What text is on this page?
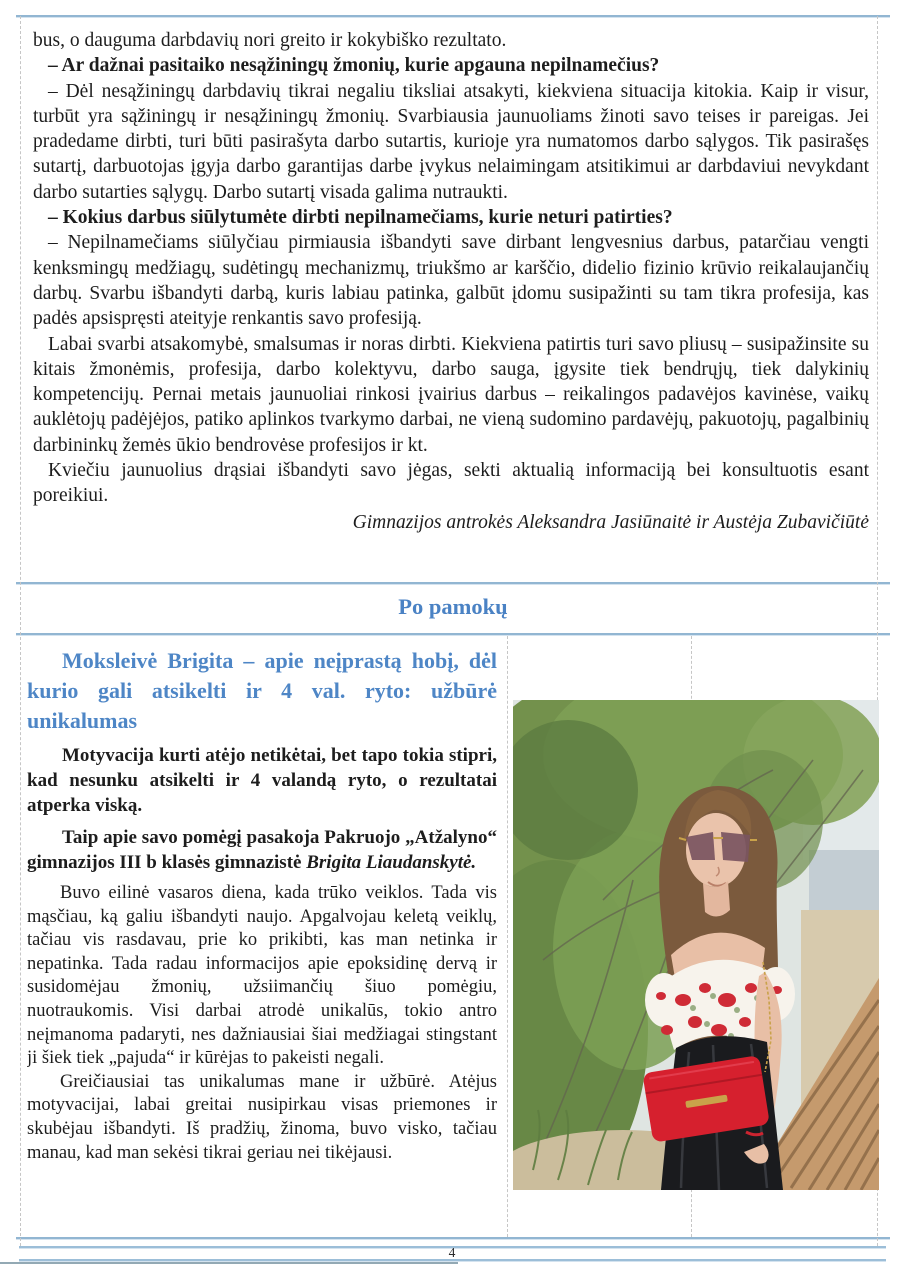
bus, o dauguma darbdavių nori greito ir kokybiško rezultato.

– Ar dažnai pasitaiko nesąžiningų žmonių, kurie apgauna nepilnamečius?

– Dėl nesąžiningų darbdavių tikrai negaliu tiksliai atsakyti, kiekviena situacija kitokia. Kaip ir visur, turbūt yra sąžiningų ir nesąžiningų žmonių. Svarbiausia jaunuoliams žinoti savo teises ir pareigas. Jei pradedame dirbti, turi būti pasirašyta darbo sutartis, kurioje yra numatomos darbo sąlygos. Tik pasirašęs sutartį, darbuotojas įgyja darbo garantijas darbe įvykus nelaimingam atsitikimui ar darbdaviui nevykdant darbo sutarties sąlygų. Darbo sutartį visada galima nutraukti.

– Kokius darbus siūlytumėte dirbti nepilnamečiams, kurie neturi patirties?

– Nepilnamečiams siūlyčiau pirmiausia išbandyti save dirbant lengvesnius darbus, patarčiau vengti kenksmingų medžiagų, sudėtingų mechanizmų, triukšmo ar karščio, didelio fizinio krūvio reikalaujančių darbų. Svarbu išbandyti darbą, kuris labiau patinka, galbūt įdomu susipažinti su tam tikra profesija, kas padės apsispręsti ateityje renkantis savo profesiją.

Labai svarbi atsakomybė, smalsumas ir noras dirbti. Kiekviena patirtis turi savo pliusų – susipažinsite su kitais žmonėmis, profesija, darbo kolektyvu, darbo sauga, įgysite tiek bendrųjų, tiek dalykinių kompetencijų. Pernai metais jaunuoliai rinkosi įvairius darbus – reikalingos padavėjos kavinėse, vaikų auklėtojų padėjėjos, patiko aplinkos tvarkymo darbai, ne vieną sudomino pardavėjų, pakuotojų, pagalbinių darbininkų žemės ūkio bendrovėse profesijos ir kt.

Kviečiu jaunuolius drąsiai išbandyti savo jėgas, sekti aktualią informaciją bei konsultuotis esant poreikiui.

Gimnazijos antrokės Aleksandra Jasiūnaitė ir Austėja Zubavičiūtė
Po pamokų
Moksleivė Brigita – apie neįprastą hobį, dėl kurio gali atsikelti ir 4 val. ryto: užbūrė unikalumas

Motyvacija kurti atėjo netikėtai, bet tapo tokia stipri, kad nesunku atsikelti ir 4 valandą ryto, o rezultatai atperka viską.

Taip apie savo pomėgį pasakoja Pakruojo „Atžalyno“ gimnazijos III b klasės gimnazistė Brigita Liaudanskytė.

Buvo eilinė vasaros diena, kada trūko veiklos. Tada vis mąsčiau, ką galiu išbandyti naujo. Apgalvojau keletą veiklų, tačiau vis rasdavau, prie ko prikibti, kas man netinka ir nepatinka. Tada radau informacijos apie epoksidinę dervą ir susidomėjau žmonių, užsiimančių šiuo pomėgiu, nuotraukomis. Visi darbai atrodė unikalūs, tokio antro neįmanoma padaryti, nes dažniausiai šiai medžiagai stingstant ji šiek tiek „pajuda“ ir kūrėjas to pakeisti negali.

Greičiausiai tas unikalumas mane ir užbūrė. Atėjus motyvacijai, labai greitai nusipirkau visas priemones ir skubėjau išbandyti. Iš pradžių, žinoma, buvo visko, tačiau manau, kad man sekėsi tikrai geriau nei tikėjausi.

4
